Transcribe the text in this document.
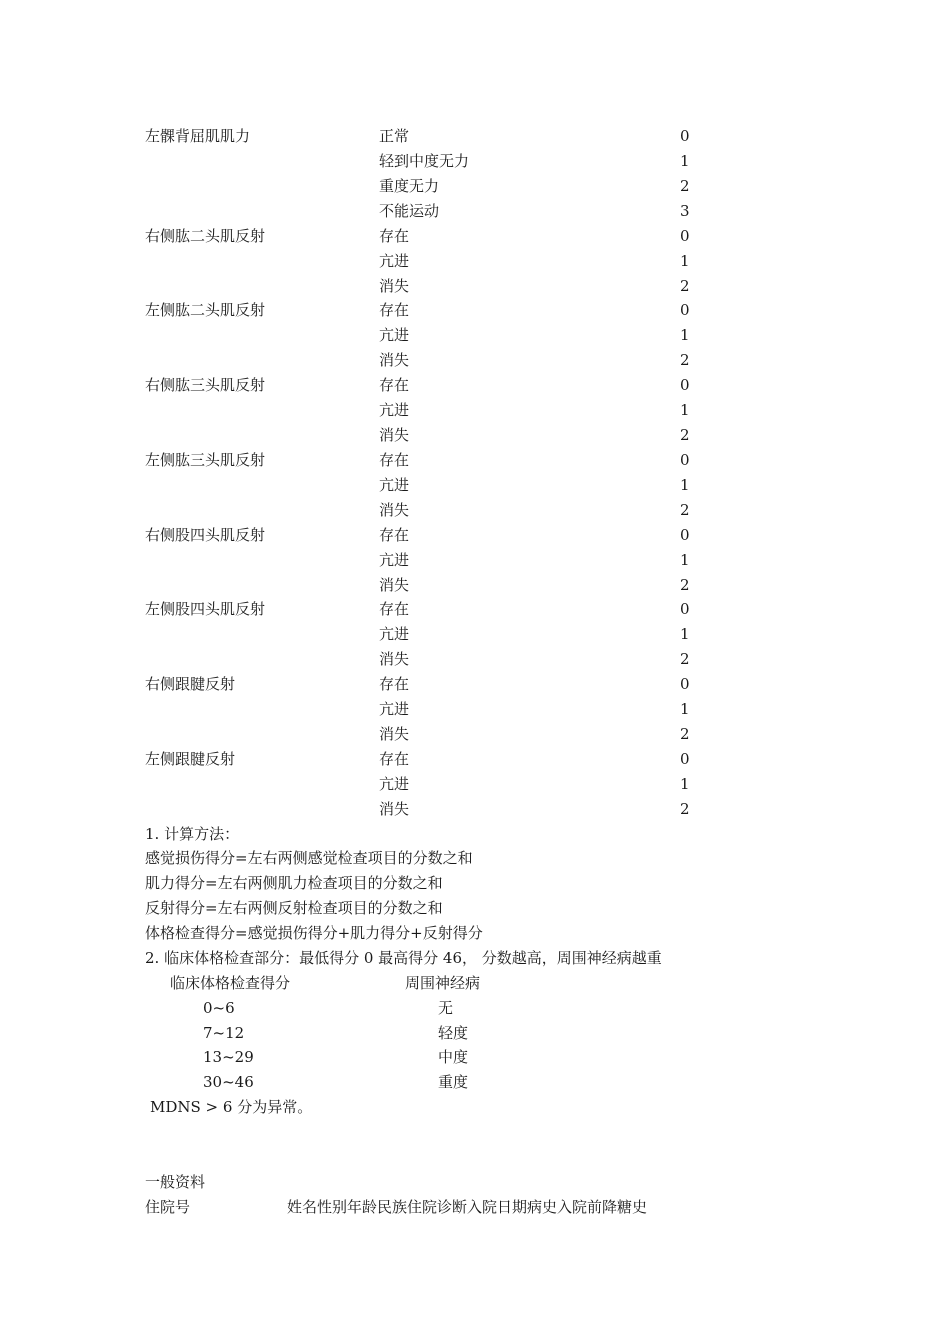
左髁背屈肌肌力	正常	0
轻到中度无力	1
重度无力	2
不能运动	3
右侧肱二头肌反射	存在	0
亢进	1
消失	2
左侧肱二头肌反射	存在	0
亢进	1
消失	2
右侧肱三头肌反射	存在	0
亢进	1
消失	2
左侧肱三头肌反射	存在	0
亢进	1
消失	2
右侧股四头肌反射	存在	0
亢进	1
消失	2
左侧股四头肌反射	存在	0
亢进	1
消失	2
右侧跟腱反射	存在	0
亢进	1
消失	2
左侧跟腱反射	存在	0
亢进	1
消失	2
1. 计算方法：
感觉损伤得分=左右两侧感觉检查项目的分数之和
肌力得分=左右两侧肌力检查项目的分数之和
反射得分=左右两侧反射检查项目的分数之和
体格检查得分=感觉损伤得分+肌力得分+反射得分
2. 临床体格检查部分：最低得分 0 最高得分 46， 分数越高，周围神经病越重
临床体格检查得分	周围神经病
0~6	无
7~12	轻度
13~29	中度
30~46	重度
MDNS > 6 分为异常。
一般资料
住院号	姓名性别年龄民族住院诊断入院日期病史入院前降糖史
